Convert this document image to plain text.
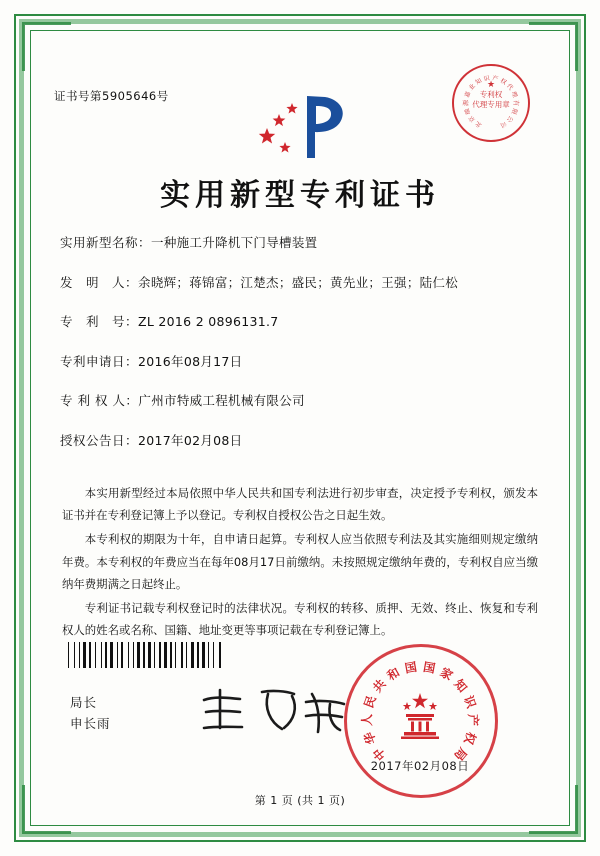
证书号第5905646号
北
京
瑞
源
嘉
业
知 识 产 权
代
理
有
限
公
司
★
专利权
代理专用章
实用新型专利证书
实用新型名称：一种施工升降机下门导槽装置
发　明　人：余晓辉；蒋锦富；江楚杰；盛民；黄先业；王强；陆仁松
专　利　号：ZL 2016 2 0896131.7
专利申请日：2016年08月17日
专 利 权 人：广州市特威工程机械有限公司
授权公告日：2017年02月08日

本实用新型经过本局依照中华人民共和国专利法进行初步审查，决定授予专利权，颁发本证书并在专利登记簿上予以登记。专利权自授权公告之日起生效。

本专利权的期限为十年，自申请日起算。专利权人应当依照专利法及其实施细则规定缴纳年费。本专利权的年费应当在每年08月17日前缴纳。未按照规定缴纳年费的，专利权自应当缴纳年费期满之日起终止。

专利证书记载专利权登记时的法律状况。专利权的转移、质押、无效、终止、恢复和专利权人的姓名或名称、国籍、地址变更等事项记载在专利登记簿上。

局长
申长雨
中
华
人
民
共
和 国 国 家
知
识
产
权
局
2017年02月08日
第 1 页 (共 1 页)
